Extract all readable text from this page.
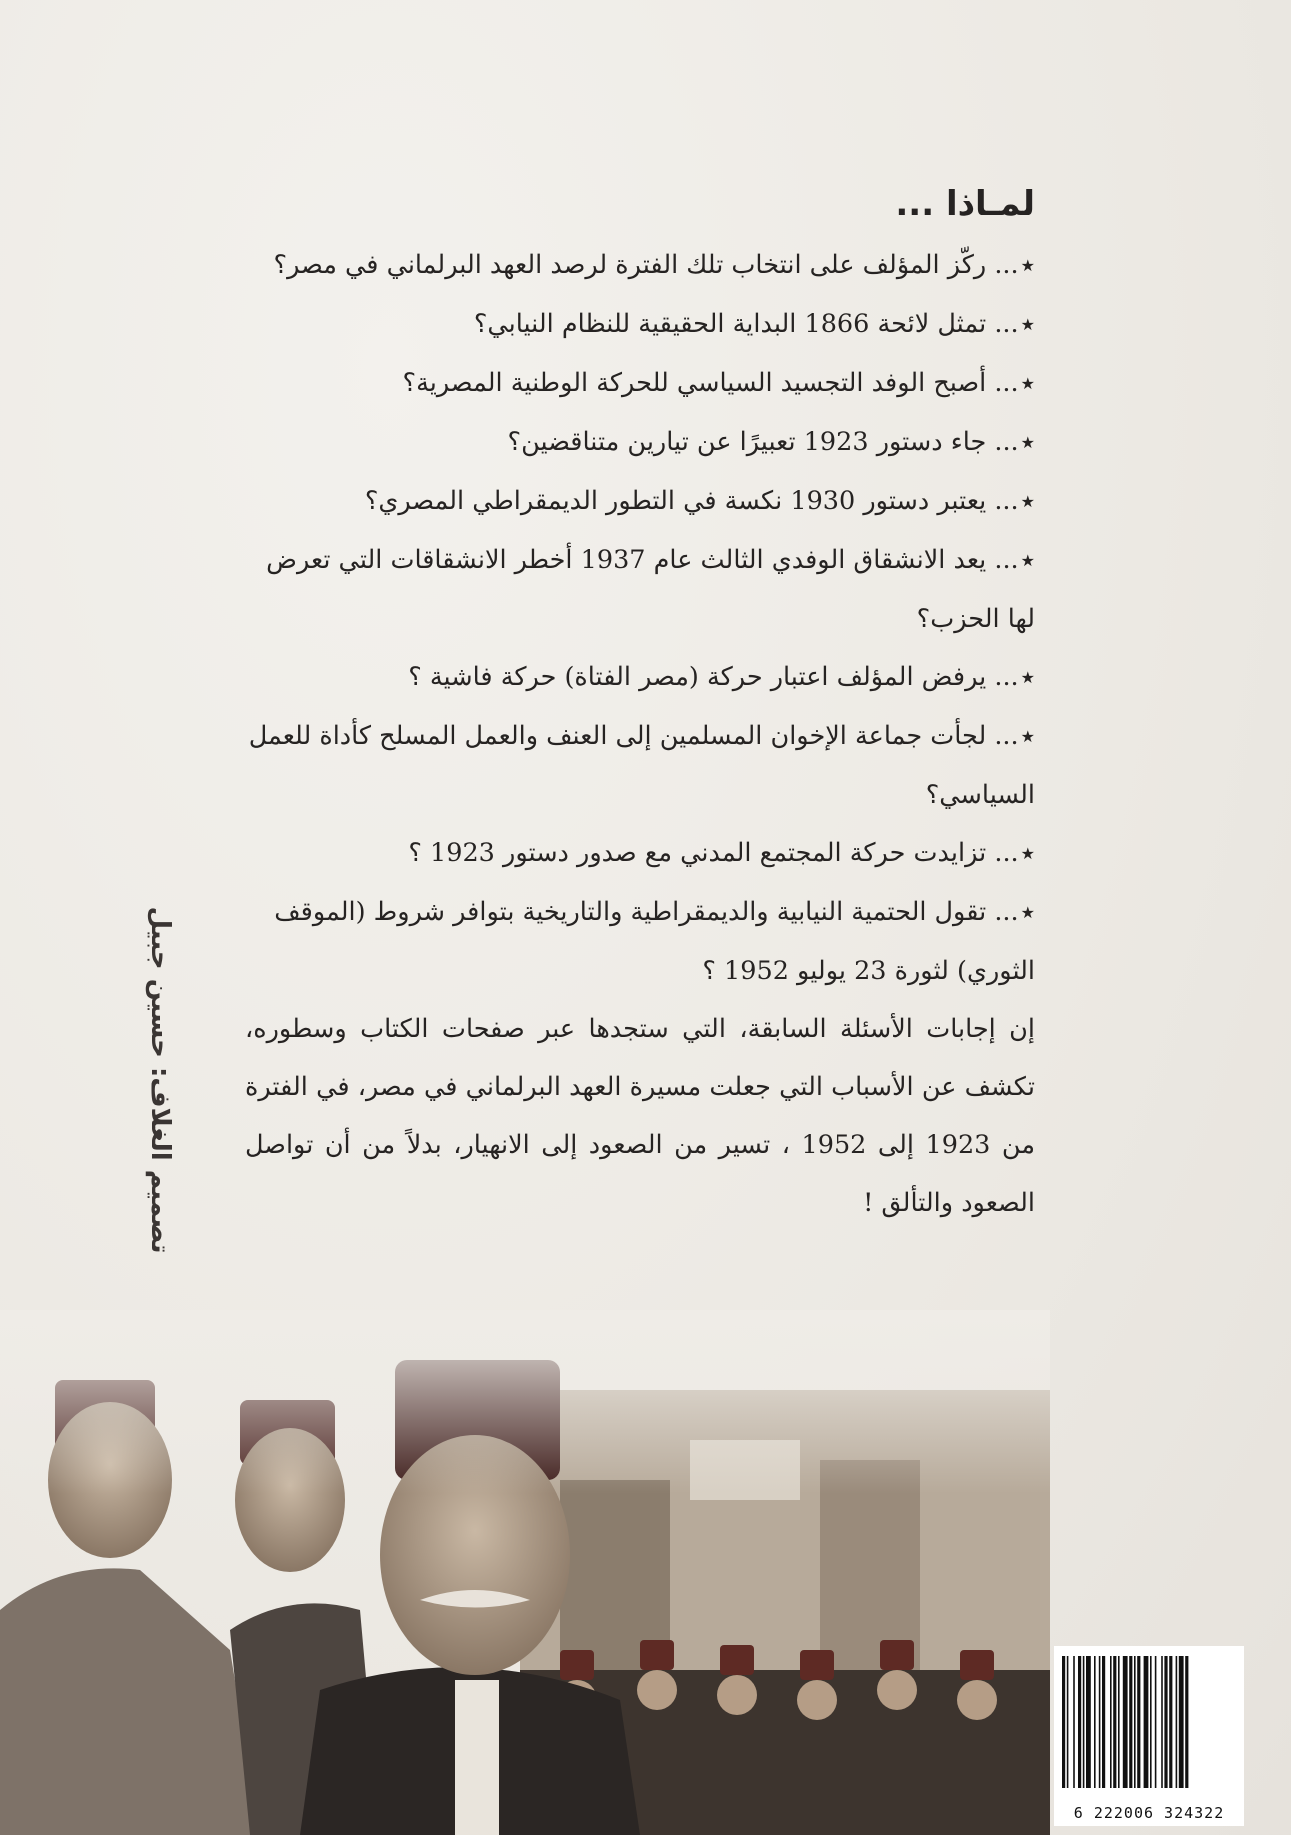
لمـاذا ...
★... ركّز المؤلف على انتخاب تلك الفترة لرصد العهد البرلماني في مصر؟
★... تمثل لائحة 1866 البداية الحقيقية للنظام النيابي؟
★... أصبح الوفد التجسيد السياسي للحركة الوطنية المصرية؟
★... جاء دستور 1923 تعبيرًا عن تيارين متناقضين؟
★... يعتبر دستور 1930 نكسة في التطور الديمقراطي المصري؟
★... يعد الانشقاق الوفدي الثالث عام 1937 أخطر الانشقاقات التي تعرض لها الحزب؟
★... يرفض المؤلف اعتبار حركة (مصر الفتاة) حركة فاشية ؟
★... لجأت جماعة الإخوان المسلمين إلى العنف والعمل المسلح كأداة للعمل السياسي؟
★... تزايدت حركة المجتمع المدني مع صدور دستور 1923 ؟
★... تقول الحتمية النيابية والديمقراطية والتاريخية بتوافر شروط (الموقف الثوري) لثورة 23 يوليو 1952 ؟

إن إجابات الأسئلة السابقة، التي ستجدها عبر صفحات الكتاب وسطوره، تكشف عن الأسباب التي جعلت مسيرة العهد البرلماني في مصر، في الفترة من 1923 إلى 1952 ، تسير من الصعود إلى الانهيار، بدلاً من أن تواصل الصعود والتألق !

تصميم الغلاف: حسين جبيل
6 222006 324322
